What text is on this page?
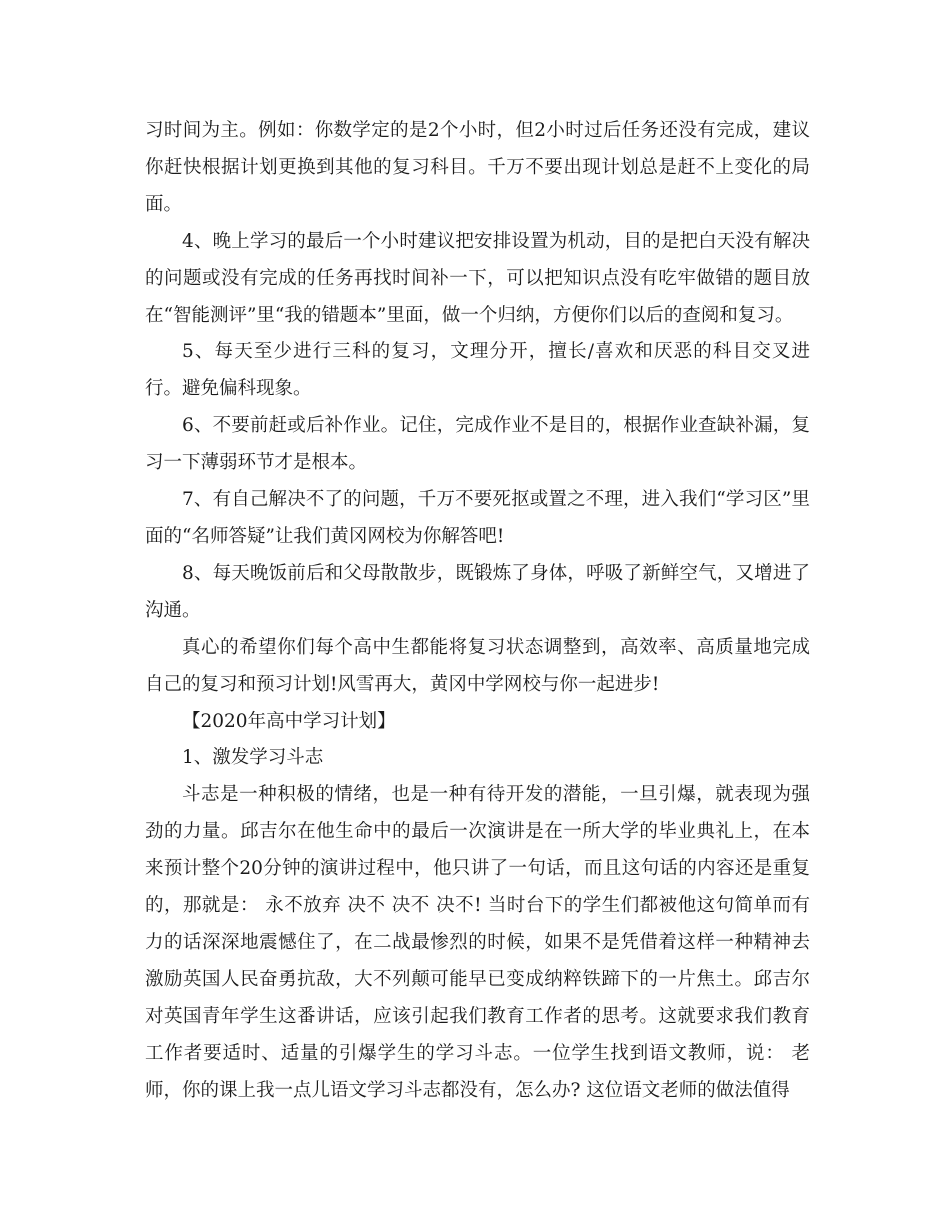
习时间为主。例如：你数学定的是2个小时，但2小时过后任务还没有完成，建议你赶快根据计划更换到其他的复习科目。千万不要出现计划总是赶不上变化的局面。

4、晚上学习的最后一个小时建议把安排设置为机动，目的是把白天没有解决的问题或没有完成的任务再找时间补一下，可以把知识点没有吃牢做错的题目放在“智能测评”里“我的错题本”里面，做一个归纳，方便你们以后的查阅和复习。

5、每天至少进行三科的复习，文理分开，擅长/喜欢和厌恶的科目交叉进行。避免偏科现象。

6、不要前赶或后补作业。记住，完成作业不是目的，根据作业查缺补漏，复习一下薄弱环节才是根本。

7、有自己解决不了的问题，千万不要死抠或置之不理，进入我们“学习区”里面的“名师答疑”让我们黄冈网校为你解答吧!

8、每天晚饭前后和父母散散步，既锻炼了身体，呼吸了新鲜空气，又增进了沟通。

真心的希望你们每个高中生都能将复习状态调整到，高效率、高质量地完成自己的复习和预习计划!风雪再大，黄冈中学网校与你一起进步!

【2020年高中学习计划】

1、激发学习斗志

斗志是一种积极的情绪，也是一种有待开发的潜能，一旦引爆，就表现为强劲的力量。邱吉尔在他生命中的最后一次演讲是在一所大学的毕业典礼上，在本来预计整个20分钟的演讲过程中，他只讲了一句话，而且这句话的内容还是重复的，那就是： 永不放弃 决不 决不 决不! 当时台下的学生们都被他这句简单而有力的话深深地震憾住了，在二战最惨烈的时候，如果不是凭借着这样一种精神去激励英国人民奋勇抗敌，大不列颠可能早已变成纳粹铁蹄下的一片焦土。邱吉尔对英国青年学生这番讲话，应该引起我们教育工作者的思考。这就要求我们教育工作者要适时、适量的引爆学生的学习斗志。一位学生找到语文教师，说： 老师，你的课上我一点儿语文学习斗志都没有，怎么办? 这位语文老师的做法值得
